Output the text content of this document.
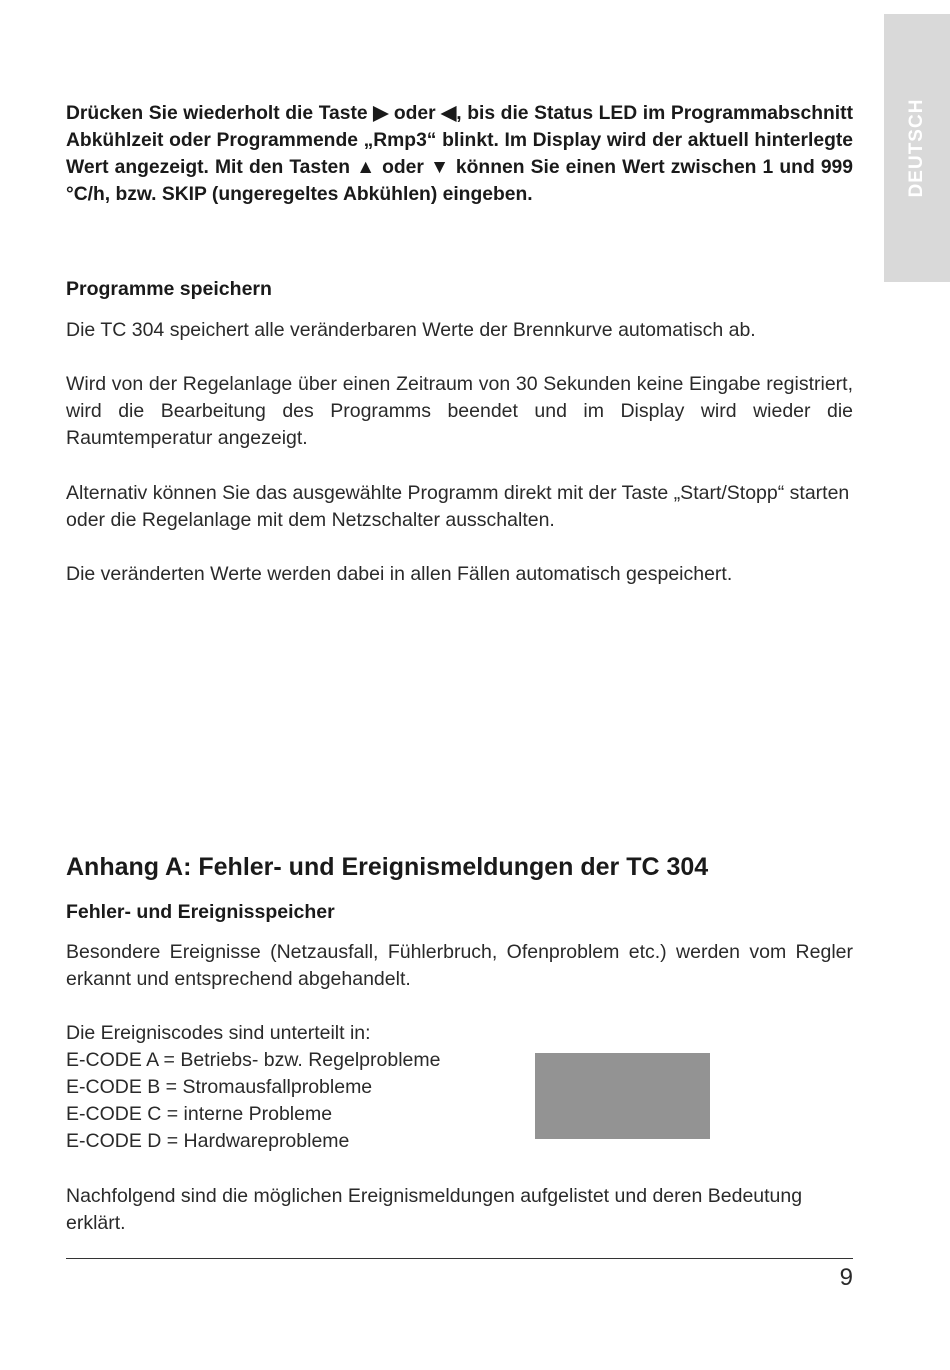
DEUTSCH

Drücken Sie wiederholt die Taste ▶ oder ◀, bis die Status LED im Programmabschnitt Abkühlzeit oder Programmende „Rmp3“ blinkt. Im Display wird der aktuell hinterlegte Wert angezeigt. Mit den Tasten ▲ oder ▼ können Sie einen Wert zwischen 1 und 999 °C/h, bzw. SKIP (ungeregeltes Abkühlen) eingeben.

Programme speichern

Die TC 304 speichert alle veränderbaren Werte der Brennkurve automatisch ab.

Wird von der Regelanlage über einen Zeitraum von 30 Sekunden keine Eingabe registriert, wird die Bearbeitung des Programms beendet und im Display wird wieder die Raumtemperatur angezeigt.

Alternativ können Sie das ausgewählte Programm direkt mit der Taste „Start/Stopp“ starten oder die Regelanlage mit dem Netzschalter ausschalten.

Die veränderten Werte werden dabei in allen Fällen automatisch gespeichert.

Anhang A: Fehler- und Ereignismeldungen der TC 304

Fehler- und Ereignisspeicher

Besondere Ereignisse (Netzausfall, Fühlerbruch, Ofenproblem etc.) werden vom Regler erkannt und entsprechend abgehandelt.

Die Ereigniscodes sind unterteilt in:

E-CODE A = Betriebs- bzw. Regelprobleme
E-CODE B = Stromausfallprobleme
E-CODE C = interne Probleme
E-CODE D = Hardwareprobleme

Nachfolgend sind die möglichen Ereignismeldungen aufgelistet und deren Bedeutung erklärt.

9
